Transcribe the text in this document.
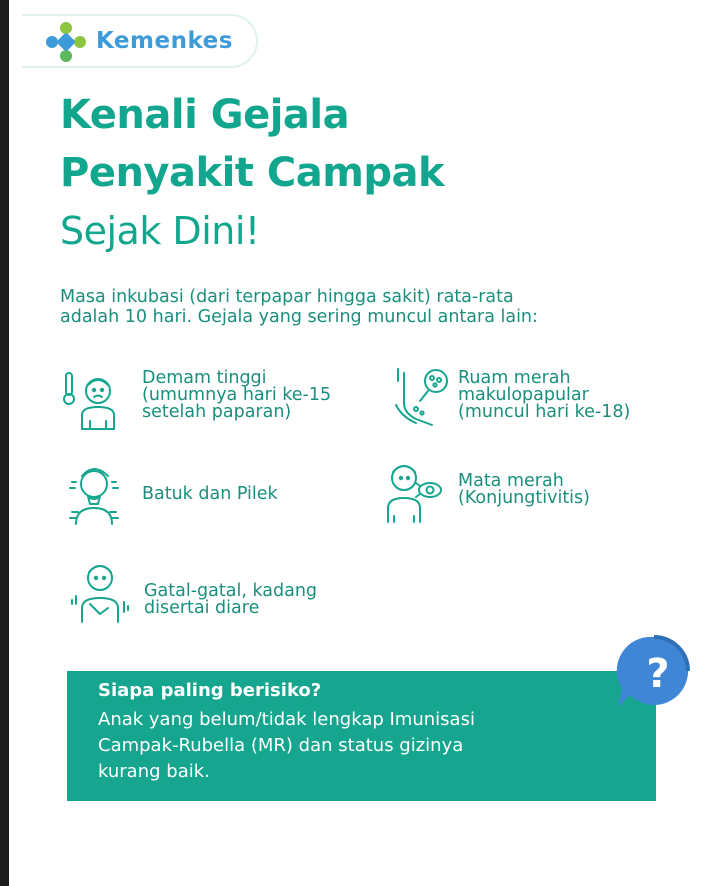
Kemenkes
Kenali Gejala
Penyakit Campak
Sejak Dini!

Masa inkubasi (dari terpapar hingga sakit) rata-rata
adalah 10 hari. Gejala yang sering muncul antara lain:

Demam tinggi
(umumnya hari ke-15
setelah paparan)
Ruam merah
makulopapular
(muncul hari ke-18)
Batuk dan Pilek
Mata merah
(Konjungtivitis)
Gatal-gatal, kadang
disertai diare
Siapa paling berisiko?

Anak yang belum/tidak lengkap Imunisasi
Campak-Rubella (MR) dan status gizinya
kurang baik.

?
